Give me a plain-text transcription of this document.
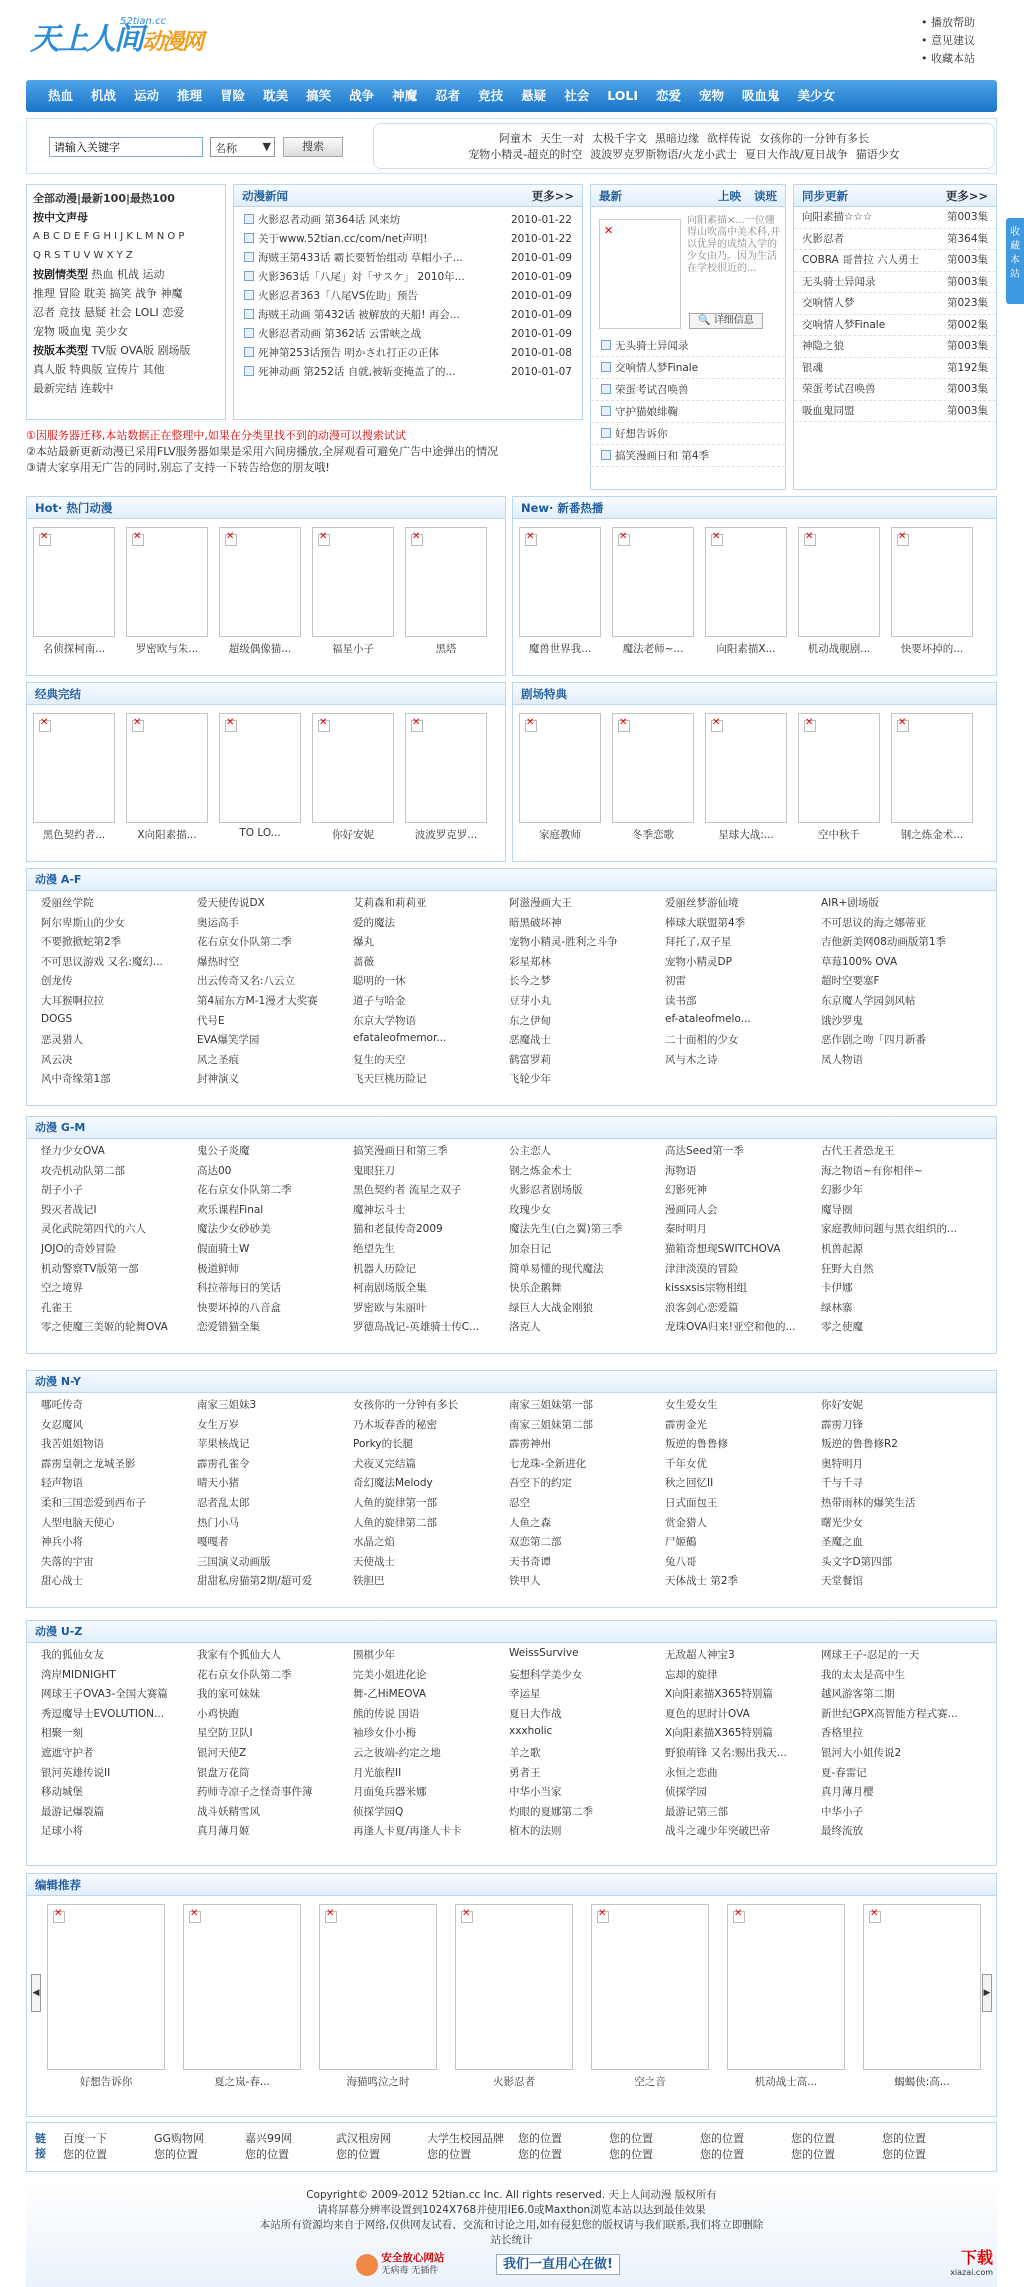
天上人间动漫网
52tian.cc	• 播放帮助
• 意见建议
• 收藏本站
热血 机战 运动 推理 冒险 耽美 搞笑 战争 神魔 忍者 竞技 悬疑 社会 LOLI 恋爱 宠物 吸血鬼 美少女
请输入关键字
名称 ▼	搜索
阿童木 天生一对 太极千字文 黑暗边缘 欲样传说 女孩你的一分钟有多长
宠物小精灵-超克的时空 波波罗克罗斯物语/火龙小武士 夏日大作战/夏日战争 猫语少女
收藏本站
全部动漫|最新100|最热100
按中文声母
A B C D E F G H I J K L M N O P
Q R S T U V W X Y Z
按剧情类型 热血 机战 运动
推理 冒险 耽美 搞笑 战争 神魔
忍者 竞技 悬疑 社会 LOLI 恋爱
宠物 吸血鬼 美少女
按版本类型 TV版 OVA版 剧场版
真人版 特典版 宣传片 其他
最新完结 连载中
动漫新闻	更多>>
火影忍者动画 第364话 风来坊	2010-01-22
关于www.52tian.cc/com/net声明!	2010-01-22
海贼王第433话 霸长要暂怡组动 草帽小子...	2010-01-09
火影363话「八尾」対「サスケ」 2010年...	2010-01-09
火影忍者363「八尾VS佐助」预告	2010-01-09
海贼王动画 第432话 被解放的天船! 再会...	2010-01-09
火影忍者动画 第362话 云雷峡之战	2010-01-09
死神第253话预告 明かされ打正の正体	2010-01-08
死神动画 第252话 自就,被斩变掩盖了的...	2010-01-07
最新	上映 读班
✕
向阳素描×...一位懂得山吹高中美术科,并以优异的成绩入学的少女由乃。因为生活在学校很近的...
🔍 详细信息
无头骑士异闻录
交响情人梦Finale
荣蛋考试召唤兽
守护猫娘绯鞠
好想告诉你
搞笑漫画日和 第4季
同步更新	更多>>
向阳素描☆☆☆	第003集
火影忍者	第364集
COBRA 哥普拉 六人勇士	第003集
无头骑士异闻录	第003集
交响情人梦	第023集
交响情人梦Finale	第002集
神隐之狼	第003集
银魂	第192集
荣蛋考试召唤兽	第003集
吸血鬼同盟	第003集
①因服务器迁移,本站数据正在整理中,如果在分类里找不到的动漫可以搜索试试
②本站最新更新动漫已采用FLV服务器如果是采用六间房播放,全屏观看可避免广告中途弹出的情况
③请大家享用无广告的同时,别忘了支持一下转告给您的朋友哦!
Hot· 热门动漫
✕
名侦探柯南...
✕	罗密欧与朱...
✕	超级偶像猫...
✕	福星小子
✕	黑塔
New· 新番热播
✕
魔兽世界我...
✕	魔法老师~...
✕	向阳素描X...
✕	机动战舰剧...
✕	快要坏掉的...
经典完结
✕
黑色契约者...
✕	X向阳素描...
✕	TO LO...
✕	你好安妮
✕	波波罗克罗...
剧场特典
✕
家庭教师
✕	冬季恋歌
✕	星球大战:...
✕	空中秋千
✕	钢之炼金术...
动漫 A-F
爱丽丝学院	爱天使传说DX	艾莉森和莉莉亚	阿滋漫画大王	爱丽丝梦游仙境	AIR+剧场版
阿尔卑斯山的少女	奥运高手	爱的魔法	暗黑破坏神	棒球大联盟第4季	不可思议的海之娜蒂亚
不要掀掀蛇第2季	花右京女仆队第二季	爆丸	宠物小精灵-胜利之斗争	拜托了,双子星	吉他新美网08动画版第1季
不可思议游戏 又名:魔幻...	爆热时空	蔷薇	彩星郑林	宠物小精灵DP	草莓100% OVA
创龙传	出云传奇又名:八云立	聪明的一休	长今之梦	初雷	超时空要塞F
大耳猴啊拉拉	第4届东方M-1漫才大奖赛	道子与哈金	豆芽小丸	读书部	东京魔人学园剑风帖
DOGS	代号E	东京大学物语	东之伊甸	ef-ataleofmelo...	饿沙罗鬼
恶灵猎人	EVA爆笑学园	efataleofmemor...	恶魔战士	二十面相的少女	恶作剧之吻「四月新番
风云决	风之圣痕	复生的天空	鹤富罗莉	风与木之诗	凤人物语
风中奇缘第1部	封神演义	飞天巨桃历险记	飞轮少年
动漫 G-M
怪力少女OVA	鬼公子炎魔	搞笑漫画日和第三季	公主恋人	高达Seed第一季	古代王者恐龙王
攻壳机动队第二部	高达00	鬼眼狂刀	钢之炼金术士	海物语	海之物语~有你相伴~
胡子小子	花右京女仆队第二季	黑色契约者 流星之双子	火影忍者剧场版	幻影死神	幻影少年
毁灭者战记I	欢乐课程Final	魔神坛斗士	玫瑰少女	漫画同人会	魔导圈
灵化武院第四代的六人	魔法少女砂砂美	猫和老鼠传奇2009	魔法先生(白之翼)第三季	秦时明月	家庭教师问题与黑衣组织的...
JOJO的奇妙冒险	假面骑士W	绝望先生	加奈日记	猫箱奇想现SWITCHOVA	机兽起源
机动警察TV版第一部	极道鲜师	机器人历险记	简单易懂的现代魔法	津津淡漠的冒险	狂野大自然
空之境界	科拉蒂每日的笑话	柯南剧场版全集	快乐企鹅舞	kissxsis宗物相组	卡伊娜
孔雀王	快要坏掉的八音盒	罗密欧与朱丽叶	绿巨人大战金刚狼	浪客剑心恋爱篇	绿林寨
零之使魔三美姬的轮舞OVA	恋爱错猫全集	罗德岛战记-英雄骑士传C...	洛克人	龙珠OVA归来!亚空和他的...	零之使魔
动漫 N-Y
哪吒传奇	南家三姐妹3	女孩你的一分钟有多长	南家三姐妹第一部	女生爱女生	你好安妮
女忍魔风	女生万岁	乃木坂春香的秘密	南家三姐妹第二部	霹雳金光	霹雳刀锋
我苦姐姐物语	苹果核战记	Porky的长腿	霹雳神州	叛逆的鲁鲁修	叛逆的鲁鲁修R2
霹雳皇朝之龙城圣影	霹雳孔雀令	犬夜叉完结篇	七龙珠-全新进化	千年女优	奥特明月
轻声物语	晴天小猪	奇幻魔法Melody	吾空下的约定	秋之回忆II	千与千寻
柔和三国恋爱到西布子	忍者乱太郎	人鱼的旋律第一部	忍空	日式面包王	热带雨林的爆笑生活
人型电脑天使心	热门小马	人鱼的旋律第二部	人鱼之森	赏金猎人	曙光少女
神兵小将	嘎嘎者	水晶之焰	双恋第二部	尸姬鶴	圣魔之血
失落的宇宙	三国演义动画版	天使战士	天书奇谭	兔八哥	头文字D第四部
甜心战士	甜甜私房猫第2期/超可爱	铁胆巴	铁甲人	天体战士 第2季	天堂餐馆
动漫 U-Z
我的狐仙女友	我家有个狐仙大人	围棋少年	WeissSurvive	无敌超人神宝3	网球王子-忍足的一天
湾岸MIDNIGHT	花右京女仆队第二季	完美小姐进化论	妄想科学美少女	忘却的旋律	我的太太是高中生
网球王子OVA3-全国大赛篇	我的家可妹妹	舞-乙HiMEOVA	幸运星	X向阳素描X365特别篇	越风游客第二期
秀逗魔导士EVOLUTION...	小鸡快跑	熊的传说 国语	夏日大作战	夏色的思时计OVA	新世纪GPX高智能方程式赛...
相聚一刻	星空防卫队I	袖珍女仆小梅	xxxholic	X向阳素描X365特别篇	香格里拉
遮遮守护者	银河天使Z	云之彼端-约定之地	羊之歌	野狼萌锋 又名:赐出我天...	银河大小姐传说2
银河英雄传说II	银盘万花筒	月光旅程II	勇者王	永恒之恋曲	夏-春雷记
移动城堡	药师寺凉子之怪奇事件簿	月面兔兵器米娜	中华小当家	侦探学园	真月薄月樱
最游记爆裂篇	战斗妖精雪风	侦探学园Q	灼眼的夏娜第二季	最游记第三部	中华小子
足球小将	真月薄月姬	再逢人卡夏/再逢人卡卡	植木的法则	战斗之魂少年突破巴帝	最终流放
编辑推荐
◀	▶
✕
好想告诉你
✕	夏之岚-春...
✕	海猫鸣泣之时
✕	火影忍者
✕	空之音
✕	机动战士高...
✕	蝎蝎侠:高...
链接
百度一下	GG购物网	嘉兴99网	武汉租房网	大学生校园品牌 您的位置	您的位置	您的位置	您的位置	您的位置
您的位置	您的位置	您的位置	您的位置	您的位置	您的位置	您的位置	您的位置	您的位置	您的位置
Copyright© 2009-2012 52tian.cc Inc. All rights reserved. 天上人间动漫 版权所有
请将屏幕分辨率设置到1024X768并使用IE6.0或Maxthon浏览本站以达到最佳效果
本站所有资源均来自于网络,仅供网友试看、交流和讨论之用,如有侵犯您的版权请与我们联系,我们将立即删除
站长统计
安全放心网站
无病毒 无插件	我们一直用心在做!	下载
xiazai.com
